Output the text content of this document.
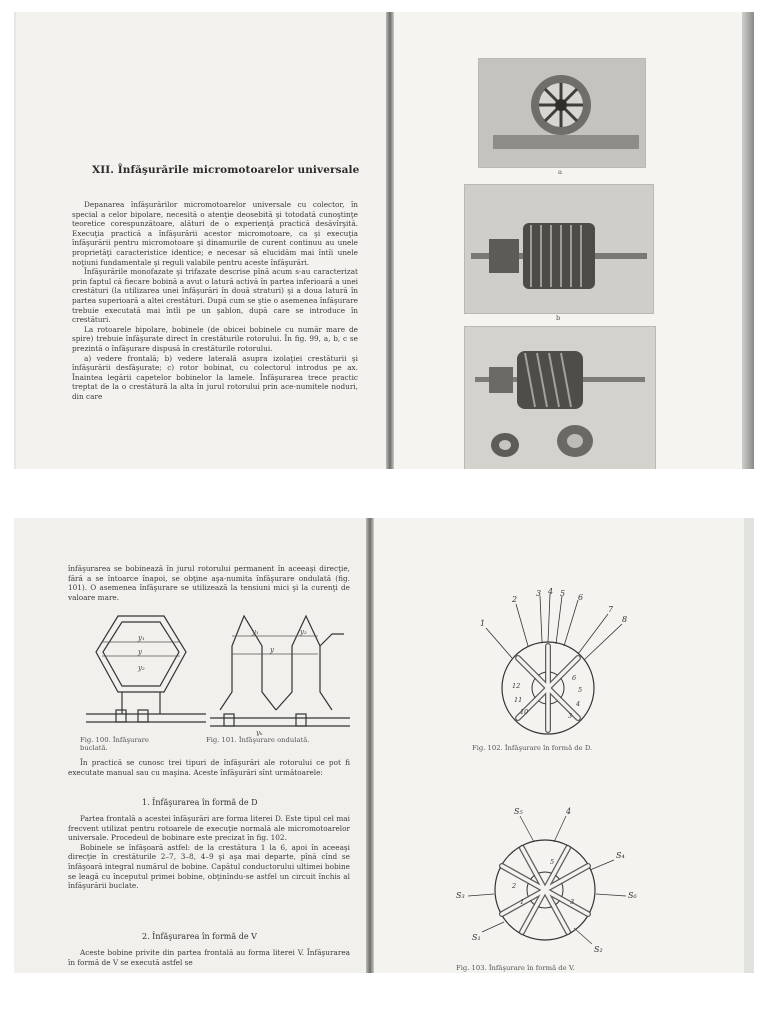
XII. Înfăşurările micromotoarelor universale

Depanarea înfăşurărilor micromotoarelor universale cu colector, în special a celor bipolare, necesită o atenţie deosebită şi totodată cunoştinţe teoretice corespunzătoare, alături de o experienţă practică desăvîrşită. Execuţia practică a înfăşurării acestor micromotoare, ca şi execuţia înfăşurării pentru micromotoare şi dinamurile de curent continuu au unele proprietăţi caracteristice identice; e necesar să elucidăm mai întîi unele noţiuni fundamentale şi reguli valabile pentru aceste înfăşurări.

Înfăşurările monofazate şi trifazate descrise pînă acum s-au caracterizat prin faptul că fiecare bobină a avut o latură activă în partea inferioară a unei crestături (la utilizarea unei înfăşurări în două straturi) şi a doua latură în partea superioară a altei crestături. După cum se ştie o asemenea înfăşurare trebuie executată mai întîi pe un şablon, după care se introduce în crestături.

La rotoarele bipolare, bobinele (de obicei bobinele cu număr mare de spire) trebuie înfăşurate direct în crestăturile rotorului. În fig. 99, a, b, c se prezintă o înfăşurare dispusă în crestăturile rotorului.

a) vedere frontală; b) vedere laterală asupra izolaţiei crestăturii şi înfăşurării desfăşurate; c) rotor bobinat, cu colectorul introdus pe ax. Înaintea legării capetelor bobinelor la lamele. Înfăşurarea trece practic treptat de la o crestătură la alta în jurul rotorului prin ace-numitele noduri, din care

a
b
înfăşurarea se bobinează în jurul rotorului permanent în aceeaşi direcţie, fără a se întoarce înapoi, se obţine aşa-numita înfăşurare ondulată (fig. 101). O asemenea înfăşurare se utilizează la tensiuni mici şi la curenţi de valoare mare.
y₁
y
y₂
Fig. 100. Înfăşurare buclată.
y₁	y₂
y
yₖ
Fig. 101. Înfăşurare ondulată.

În practică se cunosc trei tipuri de înfăşurări ale rotorului ce pot fi executate manual sau cu maşina. Aceste înfăşurări sînt următoarele:

1. Înfăşurarea în formă de D

Partea frontală a acestei înfăşurări are forma literei D. Este tipul cel mai frecvent utilizat pentru rotoarele de execuţie normală ale micromotoarelor universale. Procedeul de bobinare este precizat în fig. 102.

Bobinele se înfăşoară astfel: de la crestătura 1 la 6, apoi în aceeaşi direcţie în crestăturile 2–7, 3–8, 4–9 şi aşa mai departe, pînă cînd se înfăşoară integral numărul de bobine. Capătul conductorului ultimei bobine se leagă cu începutul primei bobine, obţinîndu-se astfel un circuit închis al înfăşurării buclate.

2. Înfăşurarea în formă de V

Aceste bobine privite din partea frontală au forma literei V. Înfăşurarea în formă de V se execută astfel se

1
2
3 4 5 6
7
8
6
5
4
3
12
11
10
Fig. 102. Înfăşurare în formă de D.
S₅	4
S₄
S₆
S₃
S₁
S₂
5
2
1	3
Fig. 103. Înfăşurare în formă de V.
